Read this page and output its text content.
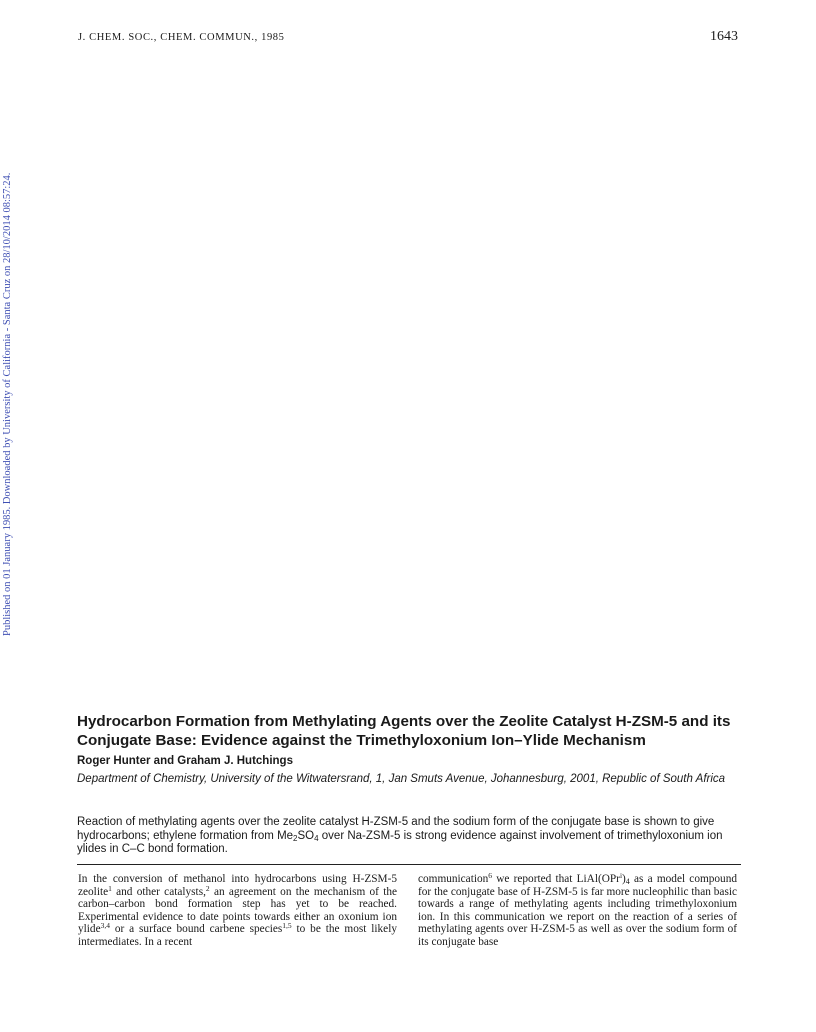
J. CHEM. SOC., CHEM. COMMUN., 1985	1643
Published on 01 January 1985. Downloaded by University of California - Santa Cruz on 28/10/2014 08:57:24.
Hydrocarbon Formation from Methylating Agents over the Zeolite Catalyst H-ZSM-5 and its Conjugate Base: Evidence against the Trimethyloxonium Ion–Ylide Mechanism
Roger Hunter and Graham J. Hutchings
Department of Chemistry, University of the Witwatersrand, 1, Jan Smuts Avenue, Johannesburg, 2001, Republic of South Africa
Reaction of methylating agents over the zeolite catalyst H-ZSM-5 and the sodium form of the conjugate base is shown to give hydrocarbons; ethylene formation from $Me_2SO_4$ over Na-ZSM-5 is strong evidence against involvement of trimethyloxonium ion ylides in C–C bond formation.
In the conversion of methanol into hydrocarbons using H-ZSM-5 zeolite$^1$ and other catalysts,$^2$ an agreement on the mechanism of the carbon–carbon bond formation step has yet to be reached. Experimental evidence to date points towards either an oxonium ion ylide$^{3,4}$ or a surface bound carbene species$^{1,5}$ to be the most likely intermediates. In a recent
communication$^6$ we reported that $LiAl(OPr^i)_4$ as a model compound for the conjugate base of H-ZSM-5 is far more nucleophilic than basic towards a range of methylating agents including trimethyloxonium ion. In this communication we report on the reaction of a series of methylating agents over H-ZSM-5 as well as over the sodium form of its conjugate base
